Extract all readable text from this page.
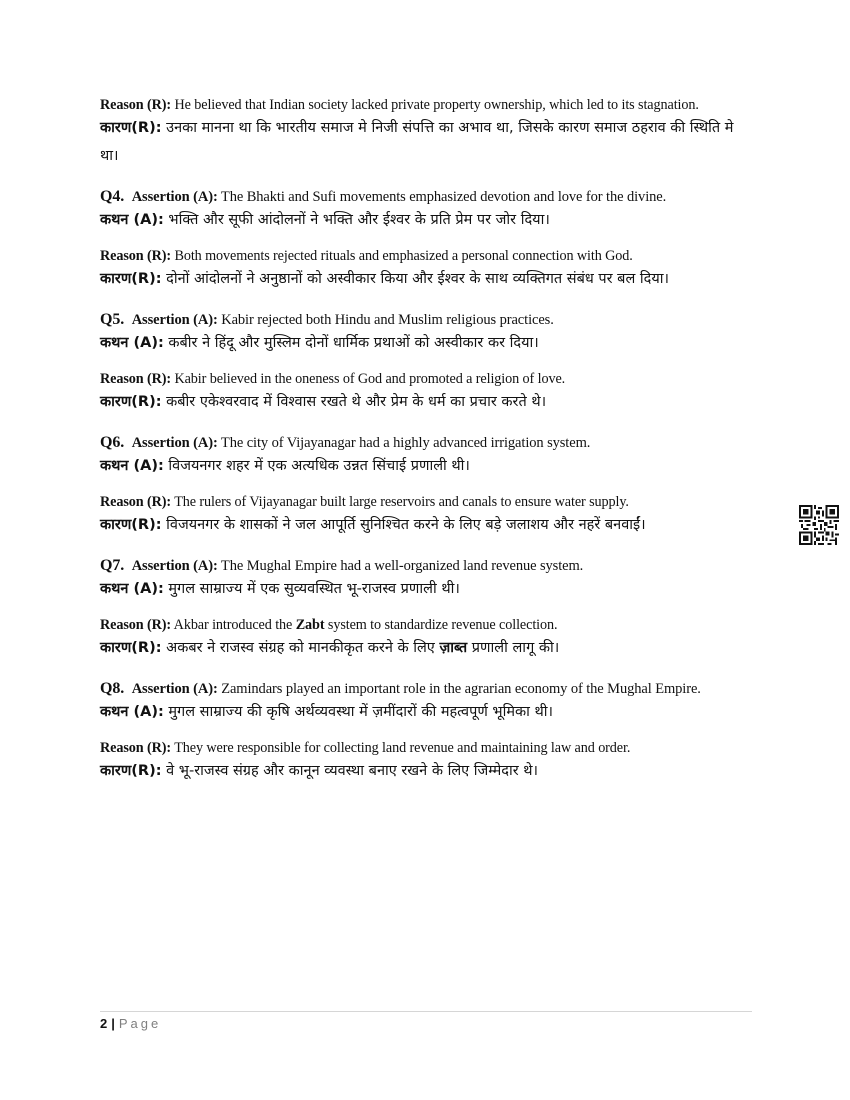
Reason (R): He believed that Indian society lacked private property ownership, which led to its stagnation.

कारण(R): उनका मानना था कि भारतीय समाज मे निजी संपत्ति का अभाव था, जिसके कारण समाज ठहराव की स्थिति मे था।

Q4. Assertion (A): The Bhakti and Sufi movements emphasized devotion and love for the divine.

कथन (A): भक्ति और सूफी आंदोलनों ने भक्ति और ईश्वर के प्रति प्रेम पर जोर दिया।

Reason (R): Both movements rejected rituals and emphasized a personal connection with God.

कारण(R): दोनों आंदोलनों ने अनुष्ठानों को अस्वीकार किया और ईश्वर के साथ व्यक्तिगत संबंध पर बल दिया।

Q5. Assertion (A): Kabir rejected both Hindu and Muslim religious practices.

कथन (A): कबीर ने हिंदू और मुस्लिम दोनों धार्मिक प्रथाओं को अस्वीकार कर दिया।

Reason (R): Kabir believed in the oneness of God and promoted a religion of love.

कारण(R): कबीर एकेश्वरवाद में विश्वास रखते थे और प्रेम के धर्म का प्रचार करते थे।

Q6. Assertion (A): The city of Vijayanagar had a highly advanced irrigation system.

कथन (A): विजयनगर शहर में एक अत्यधिक उन्नत सिंचाई प्रणाली थी।

Reason (R): The rulers of Vijayanagar built large reservoirs and canals to ensure water supply.

कारण(R): विजयनगर के शासकों ने जल आपूर्ति सुनिश्चित करने के लिए बड़े जलाशय और नहरें बनवाईं।

Q7. Assertion (A): The Mughal Empire had a well-organized land revenue system.

कथन (A): मुगल साम्राज्य में एक सुव्यवस्थित भू-राजस्व प्रणाली थी।

Reason (R): Akbar introduced the Zabt system to standardize revenue collection.

कारण(R): अकबर ने राजस्व संग्रह को मानकीकृत करने के लिए ज़ाब्त प्रणाली लागू की।

Q8. Assertion (A): Zamindars played an important role in the agrarian economy of the Mughal Empire.

कथन (A): मुगल साम्राज्य की कृषि अर्थव्यवस्था में ज़मींदारों की महत्वपूर्ण भूमिका थी।

Reason (R): They were responsible for collecting land revenue and maintaining law and order.

कारण(R): वे भू-राजस्व संग्रह और कानून व्यवस्था बनाए रखने के लिए जिम्मेदार थे।

2 | Page
